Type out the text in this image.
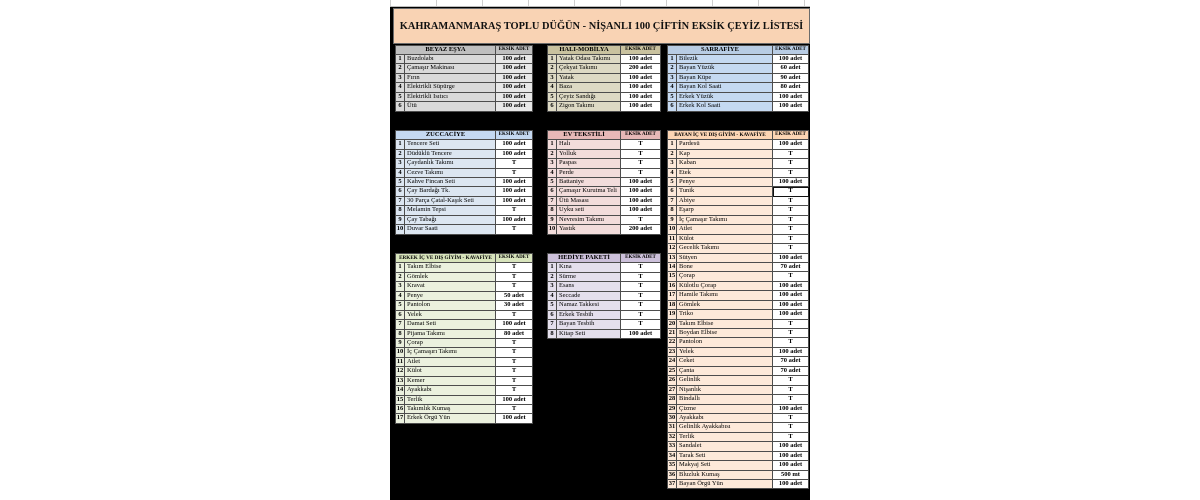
KAHRAMANMARAŞ TOPLU DÜĞÜN - NİŞANLI 100 ÇİFTİN EKSİK ÇEYİZ LİSTESİ
BEYAZ EŞYA	EKSİK ADET
1 Buzdolabı	100 adet
2 Çamaşır Makinası	100 adet
3 Fırın	100 adet
4 Elektrikli Süpürge	100 adet
5 Elektrikli Isıtıcı	100 adet
6 Ütü	100 adet
HALI-MOBİLYA	EKSİK ADET
1 Yatak Odası Takımı	100 adet
2 Çekyat Takımı	200 adet
3 Yatak	100 adet
4 Baza	100 adet
5 Çeyiz Sandığı	100 adet
6 Zigon Takımı	100 adet
SARRAFİYE	EKSİK ADET
1 Bilezik	100 adet
2 Bayan Yüzük	60 adet
3 Bayan Küpe	90 adet
4 Bayan Kol Saati	80 adet
5 Erkek Yüzük	100 adet
6 Erkek Kol Saati	100 adet
ZÜCCACİYE	EKSİK ADET
1 Tencere Seti	100 adet
2 Düdüklü Tencere	100 adet
3 Çaydanlık Takımı	T
4 Cezve Takımı	T
5 Kahve Fincan Seti	100 adet
6 Çay Bardağı Tk.	100 adet
7 30 Parça Çatal-Kaşık Seti	100 adet
8 Melamin Tepsi	T
9 Çay Tabağı	100 adet
10 Duvar Saati	T
EV TEKSTİLİ	EKSİK ADET
1 Halı	T
2 Yolluk	T
3 Paspas	T
4 Perde	T
5 Battaniye	100 adet
6 Çamaşır Kurutma Teli	100 adet
7 Ütü Masası	100 adet
8 Uyku seti	100 adet
9 Nevresim Takımı	T
10 Yastık	200 adet
BAYAN İÇ VE DIŞ GİYİM - KAVAFİYE	EKSİK ADET
1 Pardesü	100 adet
2 Kap	T
3 Kaban	T
4 Etek	T
5 Penye	100 adet
6 Tunik	T
7 Abiye	T
8 Eşarp	T
9 İç Çamaşır Takımı	T
10 Atlet	T
11 Külot	T
12 Gecelik Takımı	T
13 Sütyen	100 adet
14 Bone	70 adet
15 Çorap	T
16 Külotlu Çorap	100 adet
17 Hamile Takımı	100 adet
18 Gömlek	100 adet
19 Triko	100 adet
20 Takım Elbise	T
21 Boydan Elbise	T
22 Pantolon	T
23 Yelek	100 adet
24 Ceket	70 adet
25 Çanta	70 adet
26 Gelinlik	T
27 Nişanlık	T
28 Bindallı	T
29 Çizme	100 adet
30 Ayakkabı	T
31 Gelinlik Ayakkabısı	T
32 Terlik	T
33 Sandalet	100 adet
34 Tarak Seti	100 adet
35 Makyaj Seti	100 adet
36 Bluzluk Kumaş	500 mt
37 Bayan Örgü Yün	100 adet
ERKEK İÇ VE DIŞ GİYİM - KAVAFİYE	EKSİK ADET
1 Takım Elbise	T
2 Gömlek	T
3 Kravat	T
4 Penye	50 adet
5 Pantolon	30 adet
6 Yelek	T
7 Damat Seti	100 adet
8 Pijama Takımı	80 adet
9 Çorap	T
10 İç Çamaşırı Takımı	T
11 Atlet	T
12 Külot	T
13 Kemer	T
14 Ayakkabı	T
15 Terlik	100 adet
16 Takımlık Kumaş	T
17 Erkek Örgü Yün	100 adet
HEDİYE PAKETİ	EKSİK ADET
1 Kına	T
2 Sürme	T
3 Esans	T
4 Seccade	T
5 Namaz Takkesi	T
6 Erkek Tesbih	T
7 Bayan Tesbih	T
8 Kitap Seti	100 adet
